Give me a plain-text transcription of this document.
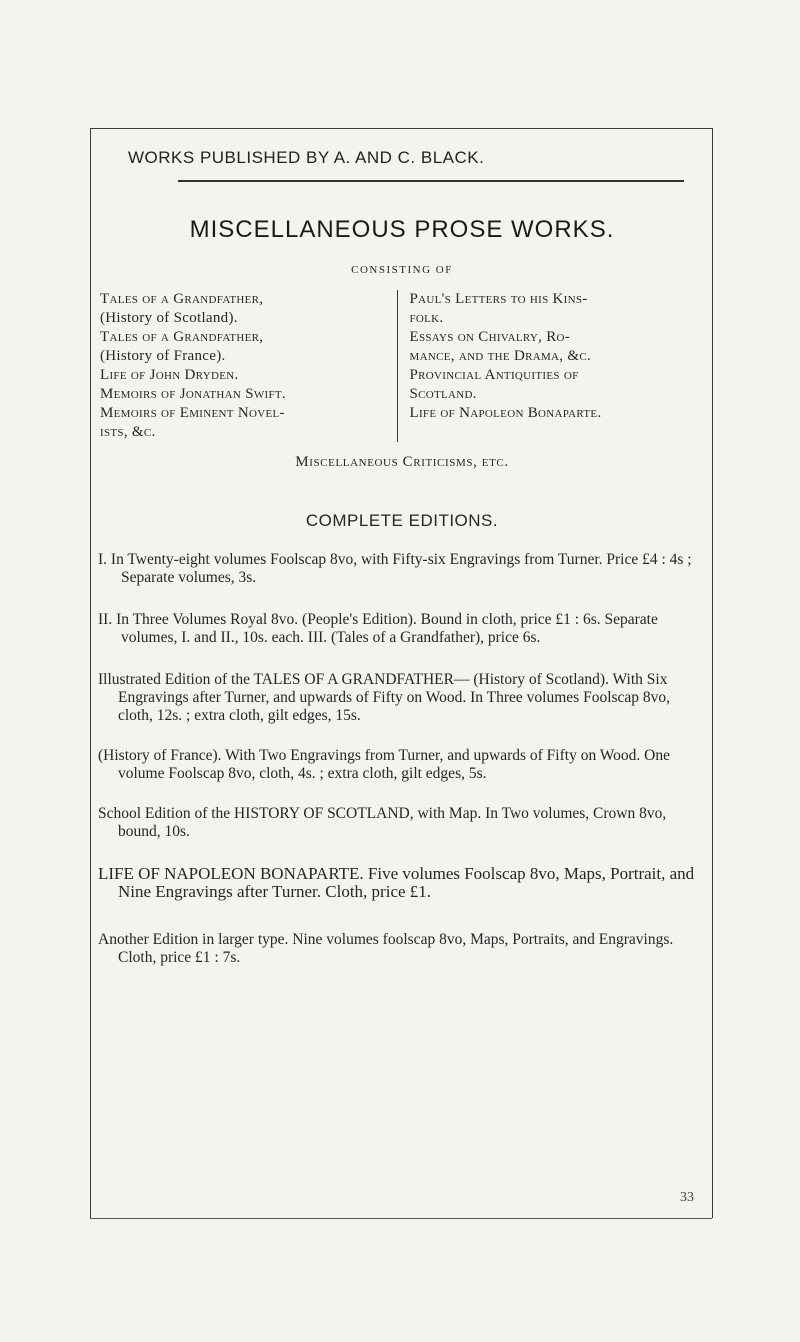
WORKS PUBLISHED BY A. AND C. BLACK.
MISCELLANEOUS PROSE WORKS.
CONSISTING OF

Tales of a Grandfather,
(History of Scotland).

Tales of a Grandfather,
(History of France).

Life of John Dryden.

Memoirs of Jonathan Swift.

Memoirs of Eminent Novel-
ists, &c.

Paul's Letters to his Kins-
folk.

Essays on Chivalry, Ro-
mance, and the Drama, &c.

Provincial Antiquities of
Scotland.

Life of Napoleon Bonaparte.

Miscellaneous Criticisms, etc.
COMPLETE EDITIONS.

I. In Twenty-eight volumes Foolscap 8vo, with Fifty-six Engravings from Turner. Price £4 : 4s ; Separate volumes, 3s.

II. In Three Volumes Royal 8vo. (People's Edition). Bound in cloth, price £1 : 6s. Separate volumes, I. and II., 10s. each. III. (Tales of a Grandfather), price 6s.

Illustrated Edition of the TALES OF A GRANDFATHER— (History of Scotland). With Six Engravings after Turner, and upwards of Fifty on Wood. In Three volumes Foolscap 8vo, cloth, 12s. ; extra cloth, gilt edges, 15s.

(History of France). With Two Engravings from Turner, and upwards of Fifty on Wood. One volume Foolscap 8vo, cloth, 4s. ; extra cloth, gilt edges, 5s.

School Edition of the HISTORY OF SCOTLAND, with Map. In Two volumes, Crown 8vo, bound, 10s.

LIFE OF NAPOLEON BONAPARTE. Five volumes Foolscap 8vo, Maps, Portrait, and Nine Engravings after Turner. Cloth, price £1.

Another Edition in larger type. Nine volumes foolscap 8vo, Maps, Portraits, and Engravings. Cloth, price £1 : 7s.

33
